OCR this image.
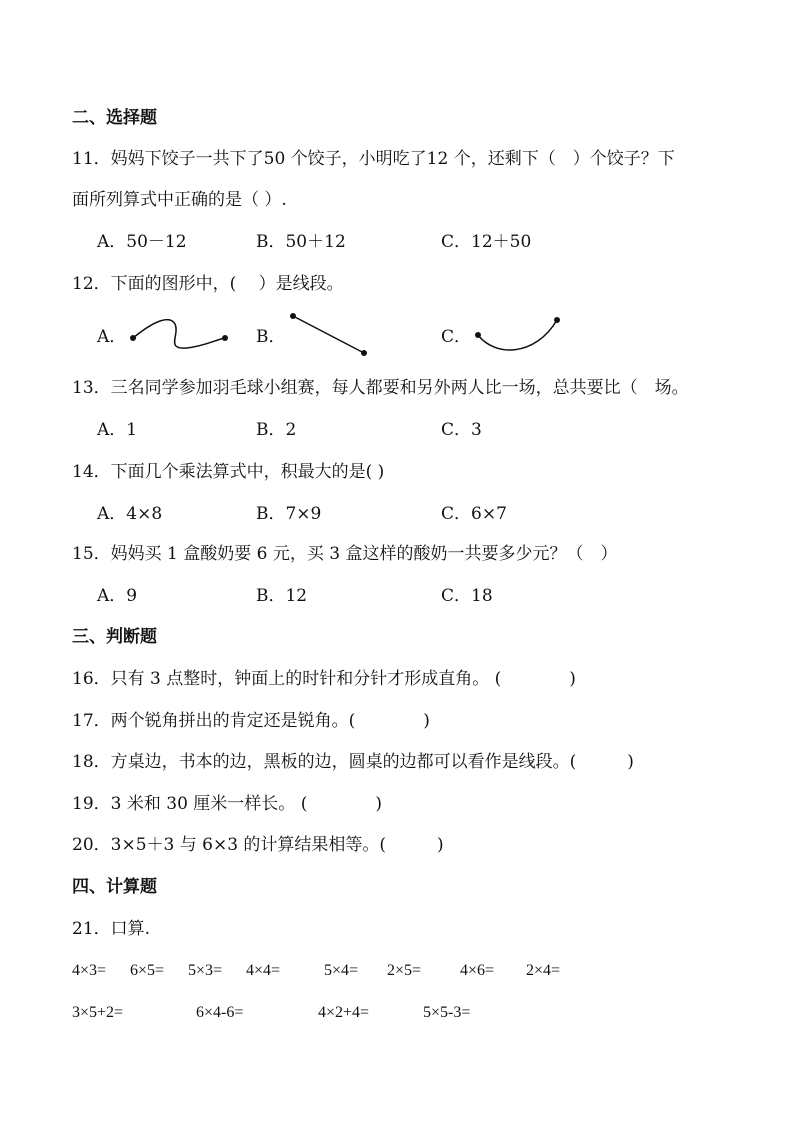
二、选择题
11．妈妈下饺子一共下了50 个饺子，小明吃了12 个，还剩下（　）个饺子？下
面所列算式中正确的是（ ）.
A．50－12	B．50＋12	C．12＋50
12．下面的图形中，(　 ）是线段。
A．	B．	C．
13．三名同学参加羽毛球小组赛，每人都要和另外两人比一场，总共要比（　场。
A．1	B．2	C．3
14．下面几个乘法算式中，积最大的是( )
A．4×8	B．7×9	C．6×7
15．妈妈买 1 盒酸奶要 6 元，买 3 盒这样的酸奶一共要多少元？（　）
A．9	B．12	C．18
三、判断题
16．只有 3 点整时，钟面上的时针和分针才形成直角。 (　　　　)
17．两个锐角拼出的肯定还是锐角。(　　　　)
18．方桌边，书本的边，黑板的边，圆桌的边都可以看作是线段。(　　　)
19．3 米和 30 厘米一样长。 (　　　　)
20．3×5＋3 与 6×3 的计算结果相等。(　　　)
四、计算题
21．口算.
4×3= 6×5= 5×3= 4×4=	5×4= 2×5= 4×6= 2×4=
3×5+2=	6×4-6=	4×2+4=	5×5-3=
